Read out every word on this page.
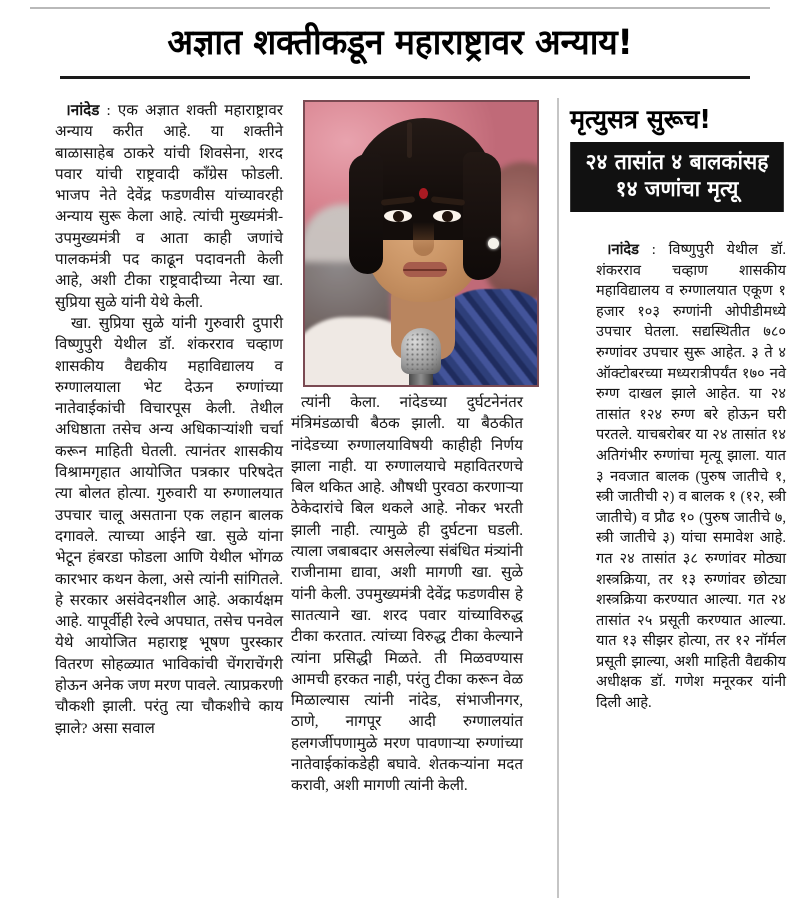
अज्ञात शक्तीकडून महाराष्ट्रावर अन्याय!

।नांदेड : एक अज्ञात शक्ती महाराष्ट्रावर अन्याय करीत आहे. या शक्तीने बाळासाहेब ठाकरे यांची शिवसेना, शरद पवार यांची राष्ट्रवादी काँग्रेस फोडली. भाजप नेते देवेंद्र फडणवीस यांच्यावरही अन्याय सुरू केला आहे. त्यांची मुख्यमंत्री-उपमुख्यमंत्री व आता काही जणांचे पालकमंत्री पद काढून पदावनती केली आहे, अशी टीका राष्ट्रवादीच्या नेत्या खा. सुप्रिया सुळे यांनी येथे केली.

खा. सुप्रिया सुळे यांनी गुरुवारी दुपारी विष्णुपुरी येथील डॉ. शंकरराव चव्हाण शासकीय वैद्यकीय महाविद्यालय व रुग्णालयाला भेट देऊन रुग्णांच्या नातेवाईकांची विचारपूस केली. तेथील अधिष्ठाता तसेच अन्य अधिकाऱ्यांशी चर्चा करून माहिती घेतली. त्यानंतर शासकीय विश्रामगृहात आयोजित पत्रकार परिषदेत त्या बोलत होत्या. गुरुवारी या रुग्णालयात उपचार चालू असताना एक लहान बालक दगावले. त्याच्या आईने खा. सुळे यांना भेटून हंबरडा फोडला आणि येथील भोंगळ कारभार कथन केला, असे त्यांनी सांगितले. हे सरकार असंवेदनशील आहे. अकार्यक्षम आहे. यापूर्वीही रेल्वे अपघात, तसेच पनवेल येथे आयोजित महाराष्ट्र भूषण पुरस्कार वितरण सोहळ्यात भाविकांची चेंगराचेंगरी होऊन अनेक जण मरण पावले. त्याप्रकरणी चौकशी झाली. परंतु त्या चौकशीचे काय झाले? असा सवाल

त्यांनी केला. नांदेडच्या दुर्घटनेनंतर मंत्रिमंडळाची बैठक झाली. या बैठकीत नांदेडच्या रुग्णालयाविषयी काहीही निर्णय झाला नाही. या रुग्णालयाचे महावितरणचे बिल थकित आहे. औषधी पुरवठा करणाऱ्या ठेकेदारांचे बिल थकले आहे. नोकर भरती झाली नाही. त्यामुळे ही दुर्घटना घडली. त्याला जबाबदार असलेल्या संबंधित मंत्र्यांनी राजीनामा द्यावा, अशी मागणी खा. सुळे यांनी केली. उपमुख्यमंत्री देवेंद्र फडणवीस हे सातत्याने खा. शरद पवार यांच्याविरुद्ध टीका करतात. त्यांच्या विरुद्ध टीका केल्याने त्यांना प्रसिद्धी मिळते. ती मिळवण्यास आमची हरकत नाही, परंतु टीका करून वेळ मिळाल्यास त्यांनी नांदेड, संभाजीनगर, ठाणे, नागपूर आदी रुग्णालयांत हलगर्जीपणामुळे मरण पावणाऱ्या रुग्णांच्या नातेवाईकांकडेही बघावे. शेतकऱ्यांना मदत करावी, अशी मागणी त्यांनी केली.

मृत्युसत्र सुरूच!
२४ तासांत ४ बालकांसह
१४ जणांचा मृत्यू

।नांदेड : विष्णुपुरी येथील डॉ. शंकरराव चव्हाण शासकीय महाविद्यालय व रुग्णालयात एकूण १ हजार १०३ रुग्णांनी ओपीडीमध्ये उपचार घेतला. सद्यस्थितीत ७८० रुग्णांवर उपचार सुरू आहेत. ३ ते ४ ऑक्टोबरच्या मध्यरात्रीपर्यंत १७० नवे रुग्ण दाखल झाले आहेत. या २४ तासांत १२४ रुग्ण बरे होऊन घरी परतले. याचबरोबर या २४ तासांत १४ अतिगंभीर रुग्णांचा मृत्यू झाला. यात ३ नवजात बालक (पुरुष जातीचे १, स्त्री जातीची २) व बालक १ (१२, स्त्री जातीचे) व प्रौढ १० (पुरुष जातीचे ७, स्त्री जातीचे ३) यांचा समावेश आहे. गत २४ तासांत ३८ रुग्णांवर मोठ्या शस्त्रक्रिया, तर १३ रुग्णांवर छोट्या शस्त्रक्रिया करण्यात आल्या. गत २४ तासांत २५ प्रसूती करण्यात आल्या. यात १३ सीझर होत्या, तर १२ नॉर्मल प्रसूती झाल्या, अशी माहिती वैद्यकीय अधीक्षक डॉ. गणेश मनूरकर यांनी दिली आहे.
